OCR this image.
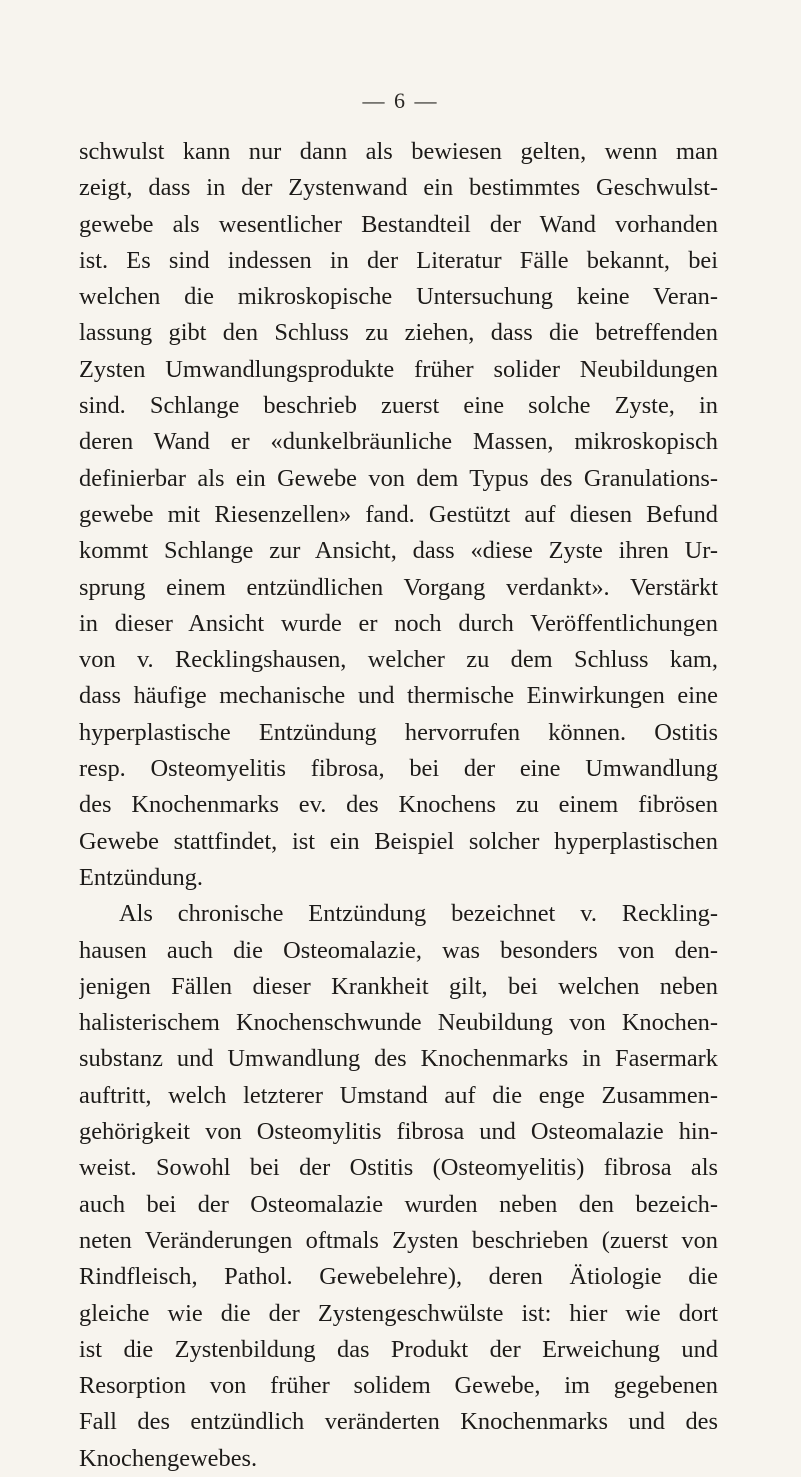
— 6 —
schwulst kann nur dann als bewiesen gelten, wenn man
zeigt, dass in der Zystenwand ein bestimmtes Geschwulst-
gewebe als wesentlicher Bestandteil der Wand vorhanden
ist. Es sind indessen in der Literatur Fälle bekannt, bei
welchen die mikroskopische Untersuchung keine Veran-
lassung gibt den Schluss zu ziehen, dass die betreffenden
Zysten Umwandlungsprodukte früher solider Neubildungen
sind. Schlange beschrieb zuerst eine solche Zyste, in
deren Wand er «dunkelbräunliche Massen, mikroskopisch
definierbar als ein Gewebe von dem Typus des Granulations-
gewebe mit Riesenzellen» fand. Gestützt auf diesen Befund
kommt Schlange zur Ansicht, dass «diese Zyste ihren Ur-
sprung einem entzündlichen Vorgang verdankt». Verstärkt
in dieser Ansicht wurde er noch durch Veröffentlichungen
von v. Recklingshausen, welcher zu dem Schluss kam,
dass häufige mechanische und thermische Einwirkungen eine
hyperplastische Entzündung hervorrufen können. Ostitis
resp. Osteomyelitis fibrosa, bei der eine Umwandlung
des Knochenmarks ev. des Knochens zu einem fibrösen
Gewebe stattfindet, ist ein Beispiel solcher hyperplastischen
Entzündung.
Als chronische Entzündung bezeichnet v. Reckling-
hausen auch die Osteomalazie, was besonders von den-
jenigen Fällen dieser Krankheit gilt, bei welchen neben
halisterischem Knochenschwunde Neubildung von Knochen-
substanz und Umwandlung des Knochenmarks in Fasermark
auftritt, welch letzterer Umstand auf die enge Zusammen-
gehörigkeit von Osteomylitis fibrosa und Osteomalazie hin-
weist. Sowohl bei der Ostitis (Osteomyelitis) fibrosa als
auch bei der Osteomalazie wurden neben den bezeich-
neten Veränderungen oftmals Zysten beschrieben (zuerst von
Rindfleisch, Pathol. Gewebelehre), deren Ätiologie die
gleiche wie die der Zystengeschwülste ist: hier wie dort
ist die Zystenbildung das Produkt der Erweichung und
Resorption von früher solidem Gewebe, im gegebenen
Fall des entzündlich veränderten Knochenmarks und des
Knochengewebes.
